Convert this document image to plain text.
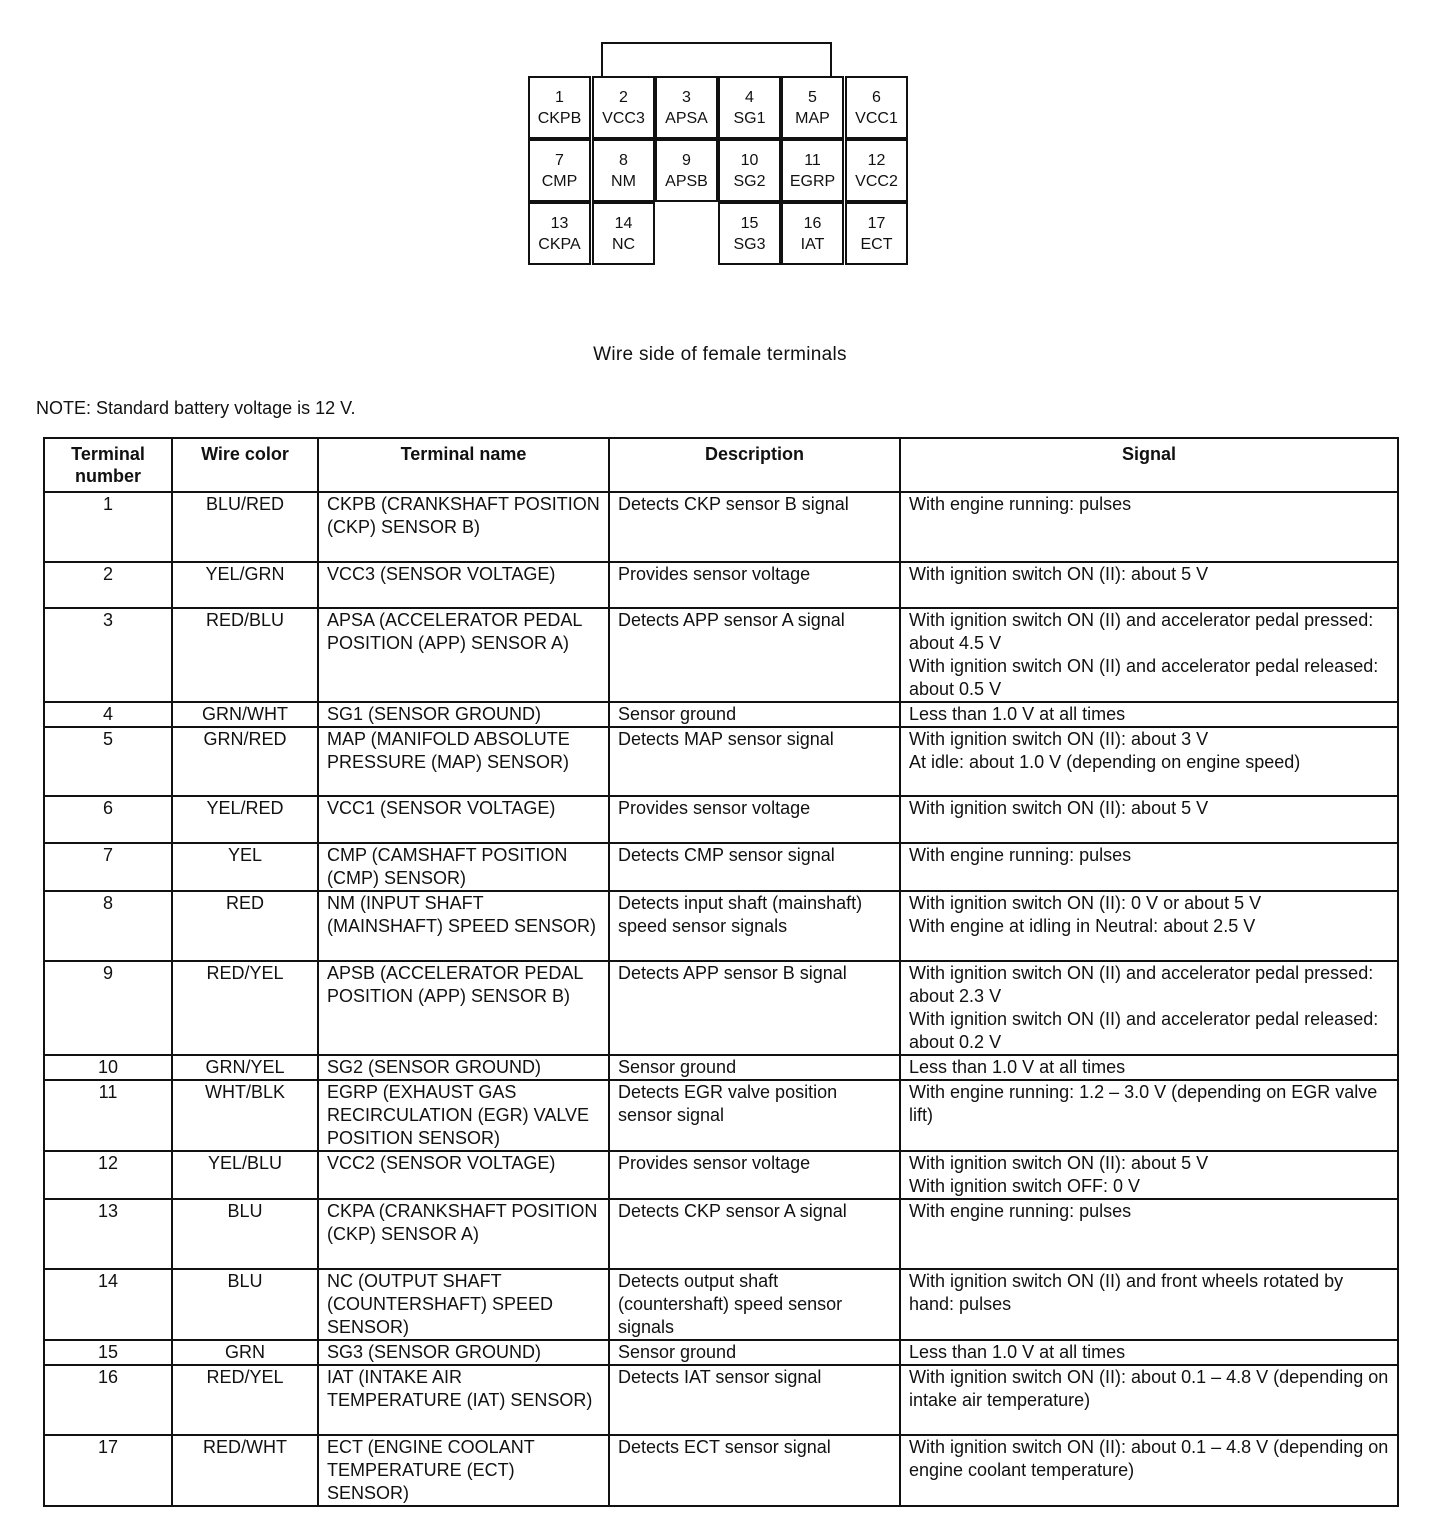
1
CKPB
2
VCC3
3
APSA
4
SG1
5
MAP
6
VCC1
7
CMP
8
NM
9
APSB
10
SG2
11
EGRP
12
VCC2
13
CKPA
14
NC
15
SG3
16
IAT
17
ECT
Wire side of female terminals
NOTE: Standard battery voltage is 12 V.
Terminal number	Wire color	Terminal name	Description	Signal
1	BLU/RED	CKPB (CRANKSHAFT POSITION (CKP) SENSOR B)	Detects CKP sensor B signal	With engine running: pulses

2	YEL/GRN	VCC3 (SENSOR VOLTAGE)	Provides sensor voltage	With ignition switch ON (II): about 5 V

3	RED/BLU	APSA (ACCELERATOR PEDAL POSITION (APP) SENSOR A)	Detects APP sensor A signal	With ignition switch ON (II) and accelerator pedal pressed: about 4.5 V
With ignition switch ON (II) and accelerator pedal released: about 0.5 V

4	GRN/WHT	SG1 (SENSOR GROUND)	Sensor ground	Less than 1.0 V at all times

5	GRN/RED	MAP (MANIFOLD ABSOLUTE PRESSURE (MAP) SENSOR)	Detects MAP sensor signal	With ignition switch ON (II): about 3 V
At idle: about 1.0 V (depending on engine speed)

6	YEL/RED	VCC1 (SENSOR VOLTAGE)	Provides sensor voltage	With ignition switch ON (II): about 5 V

7	YEL	CMP (CAMSHAFT POSITION (CMP) SENSOR)	Detects CMP sensor signal	With engine running: pulses

8	RED	NM (INPUT SHAFT (MAINSHAFT) SPEED SENSOR)	Detects input shaft (mainshaft) speed sensor signals	With ignition switch ON (II): 0 V or about 5 V
With engine at idling in Neutral: about 2.5 V

9	RED/YEL	APSB (ACCELERATOR PEDAL POSITION (APP) SENSOR B)	Detects APP sensor B signal	With ignition switch ON (II) and accelerator pedal pressed: about 2.3 V
With ignition switch ON (II) and accelerator pedal released: about 0.2 V

10	GRN/YEL	SG2 (SENSOR GROUND)	Sensor ground	Less than 1.0 V at all times

11	WHT/BLK	EGRP (EXHAUST GAS RECIRCULATION (EGR) VALVE POSITION SENSOR)	Detects EGR valve position sensor signal	With engine running: 1.2 – 3.0 V (depending on EGR valve lift)

12	YEL/BLU	VCC2 (SENSOR VOLTAGE)	Provides sensor voltage	With ignition switch ON (II): about 5 V
With ignition switch OFF: 0 V

13	BLU	CKPA (CRANKSHAFT POSITION (CKP) SENSOR A)	Detects CKP sensor A signal	With engine running: pulses

14	BLU	NC (OUTPUT SHAFT (COUNTERSHAFT) SPEED SENSOR)	Detects output shaft (countershaft) speed sensor signals	With ignition switch ON (II) and front wheels rotated by hand: pulses

15	GRN	SG3 (SENSOR GROUND)	Sensor ground	Less than 1.0 V at all times

16	RED/YEL	IAT (INTAKE AIR TEMPERATURE (IAT) SENSOR)	Detects IAT sensor signal	With ignition switch ON (II): about 0.1 – 4.8 V (depending on intake air temperature)

17	RED/WHT	ECT (ENGINE COOLANT TEMPERATURE (ECT) SENSOR)	Detects ECT sensor signal	With ignition switch ON (II): about 0.1 – 4.8 V (depending on engine coolant temperature)
